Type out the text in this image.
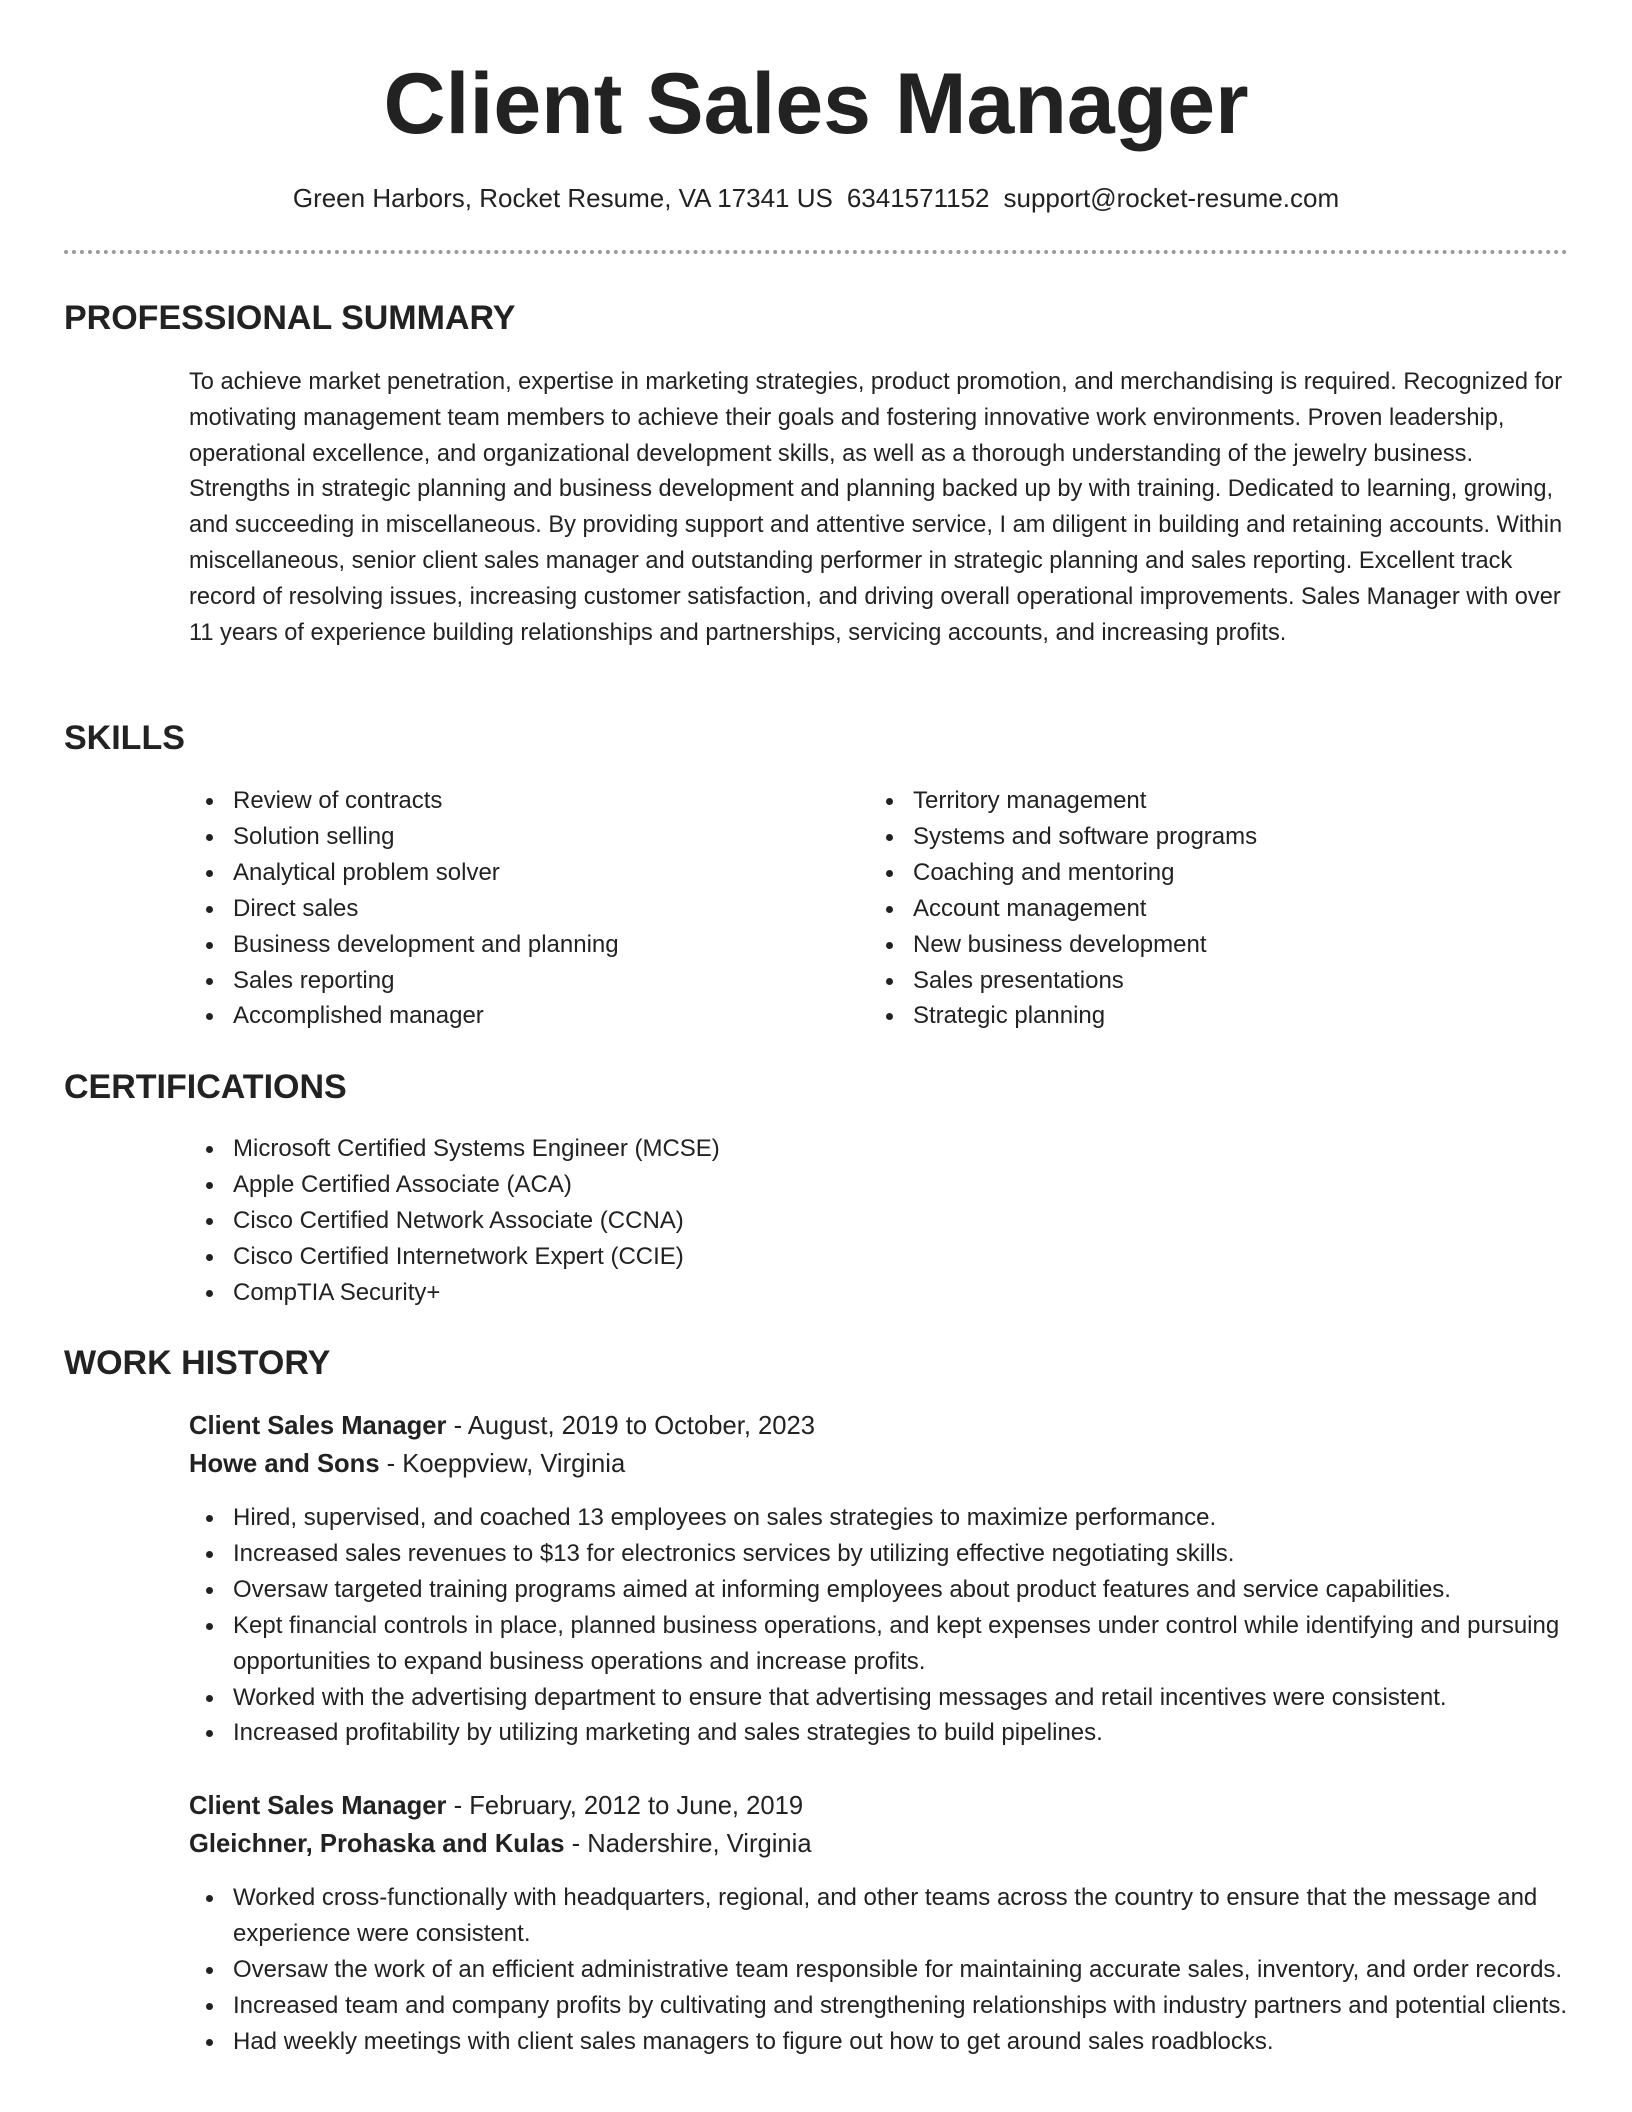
Client Sales Manager
Green Harbors, Rocket Resume, VA 17341 US 6341571152 support@rocket-resume.com
PROFESSIONAL SUMMARY

To achieve market penetration, expertise in marketing strategies, product promotion, and merchandising is required. Recognized for motivating management team members to achieve their goals and fostering innovative work environments. Proven leadership, operational excellence, and organizational development skills, as well as a thorough understanding of the jewelry business. Strengths in strategic planning and business development and planning backed up by with training. Dedicated to learning, growing, and succeeding in miscellaneous. By providing support and attentive service, I am diligent in building and retaining accounts. Within miscellaneous, senior client sales manager and outstanding performer in strategic planning and sales reporting. Excellent track record of resolving issues, increasing customer satisfaction, and driving overall operational improvements. Sales Manager with over 11 years of experience building relationships and partnerships, servicing accounts, and increasing profits.

SKILLS
Review of contracts
Solution selling
Analytical problem solver
Direct sales
Business development and planning
Sales reporting
Accomplished manager
Territory management
Systems and software programs
Coaching and mentoring
Account management
New business development
Sales presentations
Strategic planning
CERTIFICATIONS
Microsoft Certified Systems Engineer (MCSE)
Apple Certified Associate (ACA)
Cisco Certified Network Associate (CCNA)
Cisco Certified Internetwork Expert (CCIE)
CompTIA Security+
WORK HISTORY
Client Sales Manager - August, 2019 to October, 2023
Howe and Sons - Koeppview, Virginia
Hired, supervised, and coached 13 employees on sales strategies to maximize performance.
Increased sales revenues to $13 for electronics services by utilizing effective negotiating skills.
Oversaw targeted training programs aimed at informing employees about product features and service capabilities.
Kept financial controls in place, planned business operations, and kept expenses under control while identifying and pursuing opportunities to expand business operations and increase profits.
Worked with the advertising department to ensure that advertising messages and retail incentives were consistent.
Increased profitability by utilizing marketing and sales strategies to build pipelines.
Client Sales Manager - February, 2012 to June, 2019
Gleichner, Prohaska and Kulas - Nadershire, Virginia
Worked cross-functionally with headquarters, regional, and other teams across the country to ensure that the message and experience were consistent.
Oversaw the work of an efficient administrative team responsible for maintaining accurate sales, inventory, and order records.
Increased team and company profits by cultivating and strengthening relationships with industry partners and potential clients.
Had weekly meetings with client sales managers to figure out how to get around sales roadblocks.
